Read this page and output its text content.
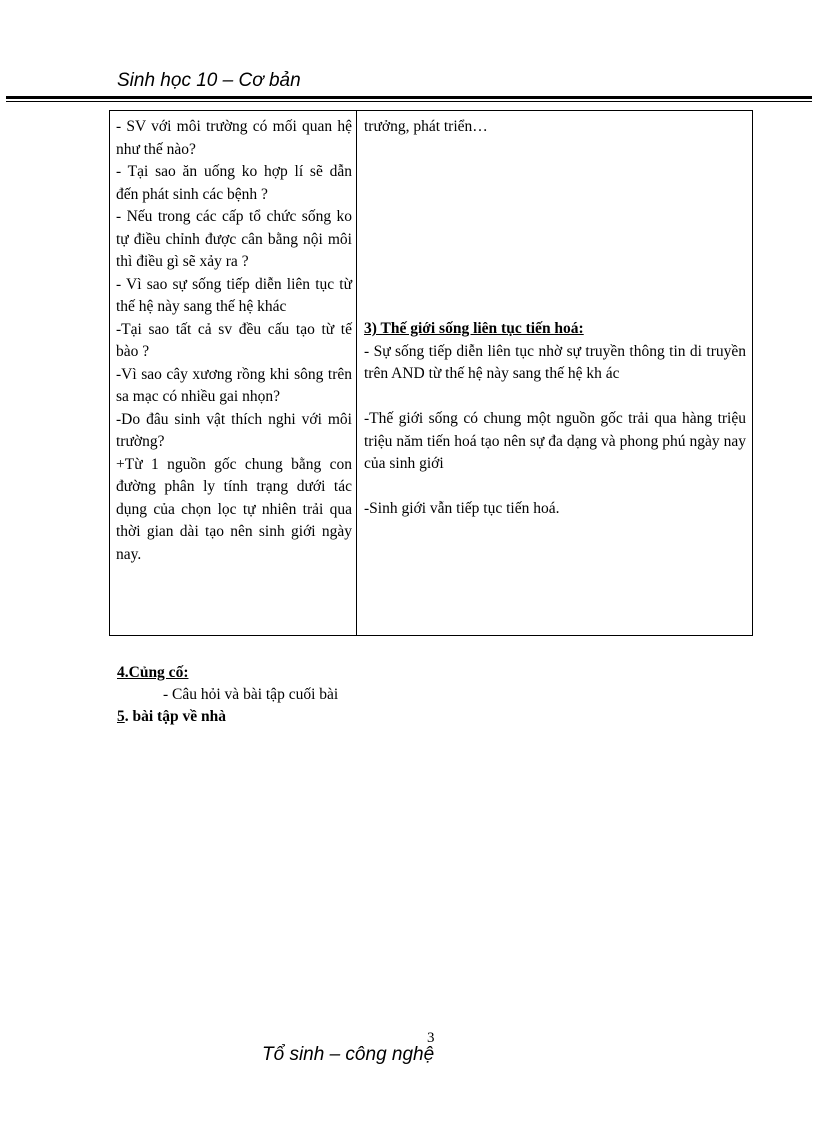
Sinh học 10 – Cơ bản

- SV với môi trường có mối quan hệ như thế nào?

- Tại sao ăn uống ko hợp lí sẽ dẫn đến phát sinh các bệnh ?

- Nếu trong các cấp tổ chức sống ko tự điều chỉnh được cân bằng nội môi thì điều gì sẽ xảy ra ?

- Vì sao sự sống tiếp diễn liên tục từ thế hệ này sang thế hệ khác

-Tại sao tất cả sv đều cấu tạo từ tế bào ?

-Vì sao cây xương rồng khi sông trên sa mạc có nhiều gai nhọn?

-Do đâu sinh vật thích nghi với môi trường?

+Từ 1 nguồn gốc chung bằng con đường phân ly tính trạng dưới tác dụng của chọn lọc tự nhiên trải qua thời gian dài tạo nên sinh giới ngày nay.

trưởng, phát triển…

3) Thế giới sống liên tục tiến hoá:

- Sự sống tiếp diễn liên tục nhờ sự truyền thông tin di truyền trên AND từ thế hệ này sang thế hệ kh ác

-Thế giới sống có chung một nguồn gốc trải qua hàng triệu triệu năm tiến hoá tạo nên sự đa dạng và phong phú ngày nay của sinh giới

-Sinh giới vẫn tiếp tục tiến hoá.

4.Củng cố:
- Câu hỏi và bài tập cuối bài
5. bài tập về nhà
3
Tổ sinh – công nghệ
